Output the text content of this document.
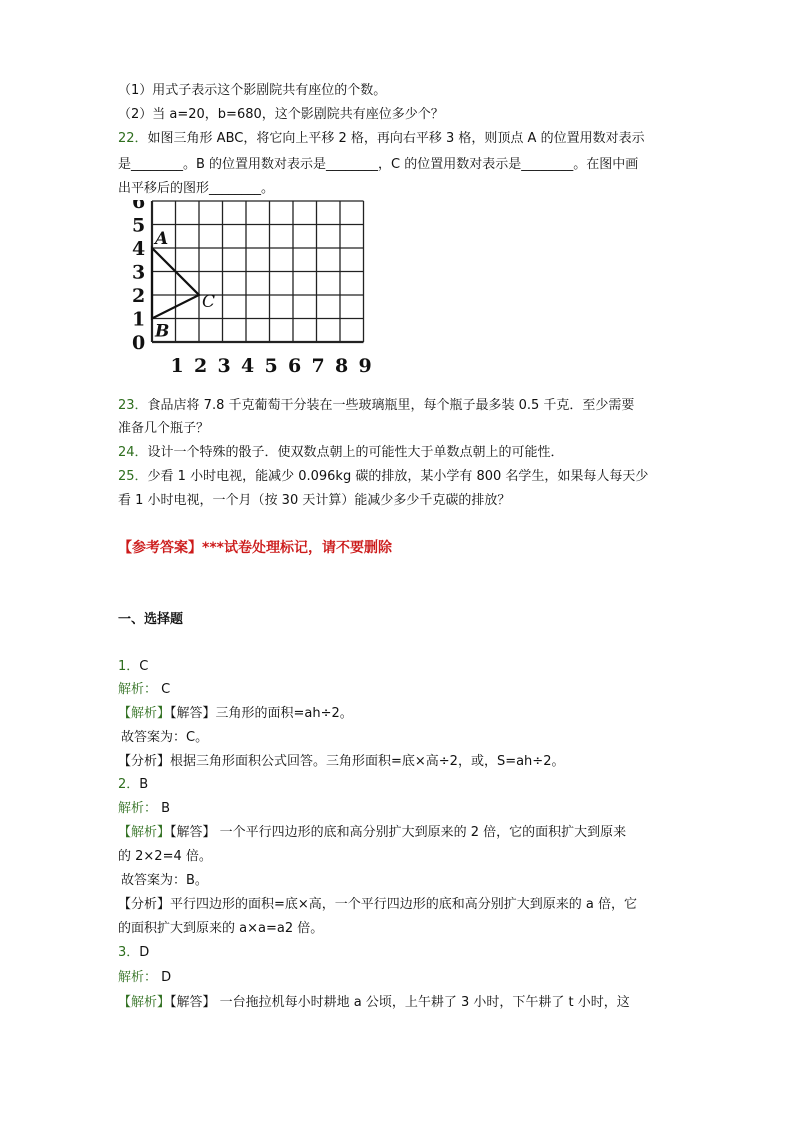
（1）用式子表示这个影剧院共有座位的个数。
（2）当 a=20，b=680，这个影剧院共有座位多少个？
22．如图三角形 ABC，将它向上平移 2 格，再向右平移 3 格，则顶点 A 的位置用数对表示
是________。B 的位置用数对表示是________，C 的位置用数对表示是________。在图中画
出平移后的图形________。
0
1
2
3
4
5
6
1 2 3 4 5 6 7 8 9
A
B
C
23．食品店将 7.8 千克葡萄干分装在一些玻璃瓶里，每个瓶子最多装 0.5 千克．至少需要
准备几个瓶子？
24．设计一个特殊的骰子．使双数点朝上的可能性大于单数点朝上的可能性．
25．少看 1 小时电视，能减少 0.096kg 碳的排放，某小学有 800 名学生，如果每人每天少
看 1 小时电视，一个月（按 30 天计算）能减少多少千克碳的排放？
【参考答案】***试卷处理标记，请不要删除
一、选择题
1．C
解析： C
【解析】【解答】三角形的面积=ah÷2。
故答案为：C。
【分析】根据三角形面积公式回答。三角形面积=底×高÷2，或，S=ah÷2。
2．B
解析： B
【解析】【解答】 一个平行四边形的底和高分别扩大到原来的 2 倍，它的面积扩大到原来
的 2×2=4 倍。
故答案为：B。
【分析】平行四边形的面积=底×高，一个平行四边形的底和高分别扩大到原来的 a 倍，它
的面积扩大到原来的 a×a=a2 倍。
3．D
解析： D
【解析】【解答】 一台拖拉机每小时耕地 a 公顷，上午耕了 3 小时，下午耕了 t 小时，这
